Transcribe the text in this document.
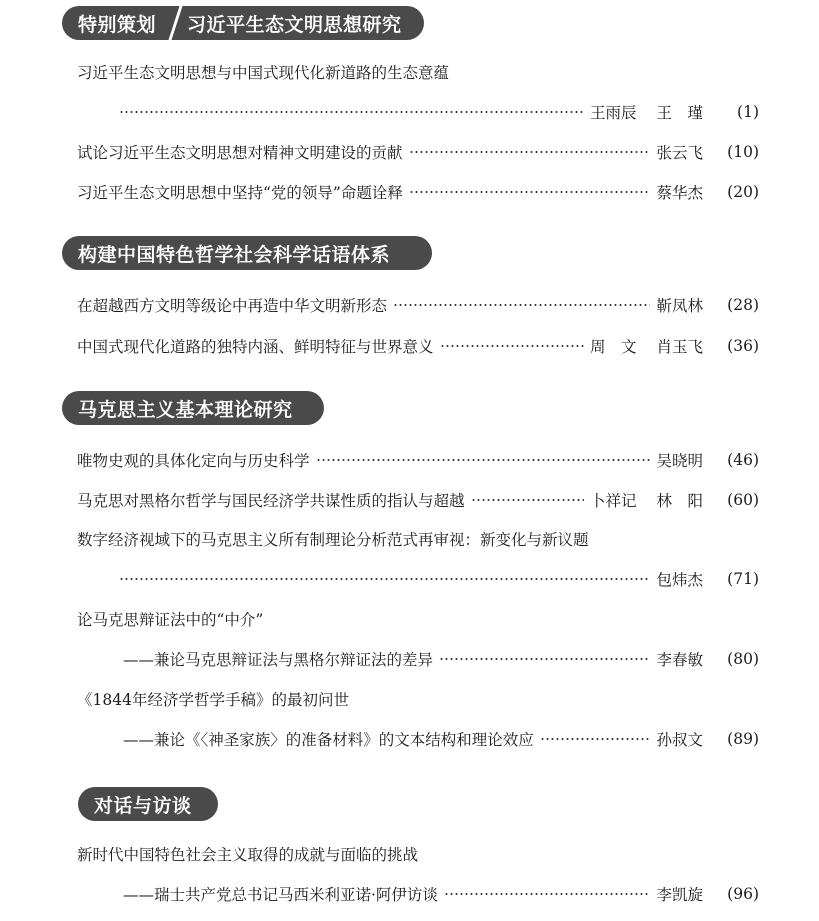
特别策划	习近平生态文明思想研究
习近平生态文明思想与中国式现代化新道路的生态意蕴
王雨辰 王　瑾	(1)
试论习近平生态文明思想对精神文明建设的贡献	张云飞	(10)
习近平生态文明思想中坚持“党的领导”命题诠释	蔡华杰	(20)
构建中国特色哲学社会科学话语体系
在超越西方文明等级论中再造中华文明新形态	靳凤林	(28)
中国式现代化道路的独特内涵、鲜明特征与世界意义	周　文 肖玉飞	(36)
马克思主义基本理论研究
唯物史观的具体化定向与历史科学	吴晓明	(46)
马克思对黑格尔哲学与国民经济学共谋性质的指认与超越	卜祥记 林　阳	(60)
数字经济视域下的马克思主义所有制理论分析范式再审视：新变化与新议题
包炜杰	(71)
论马克思辩证法中的“中介”
——兼论马克思辩证法与黑格尔辩证法的差异	李春敏	(80)
《1844年经济学哲学手稿》的最初问世
——兼论《〈神圣家族〉的准备材料》的文本结构和理论效应	孙叔文	(89)
对话与访谈
新时代中国特色社会主义取得的成就与面临的挑战
——瑞士共产党总书记马西米利亚诺·阿伊访谈	李凯旋	(96)
